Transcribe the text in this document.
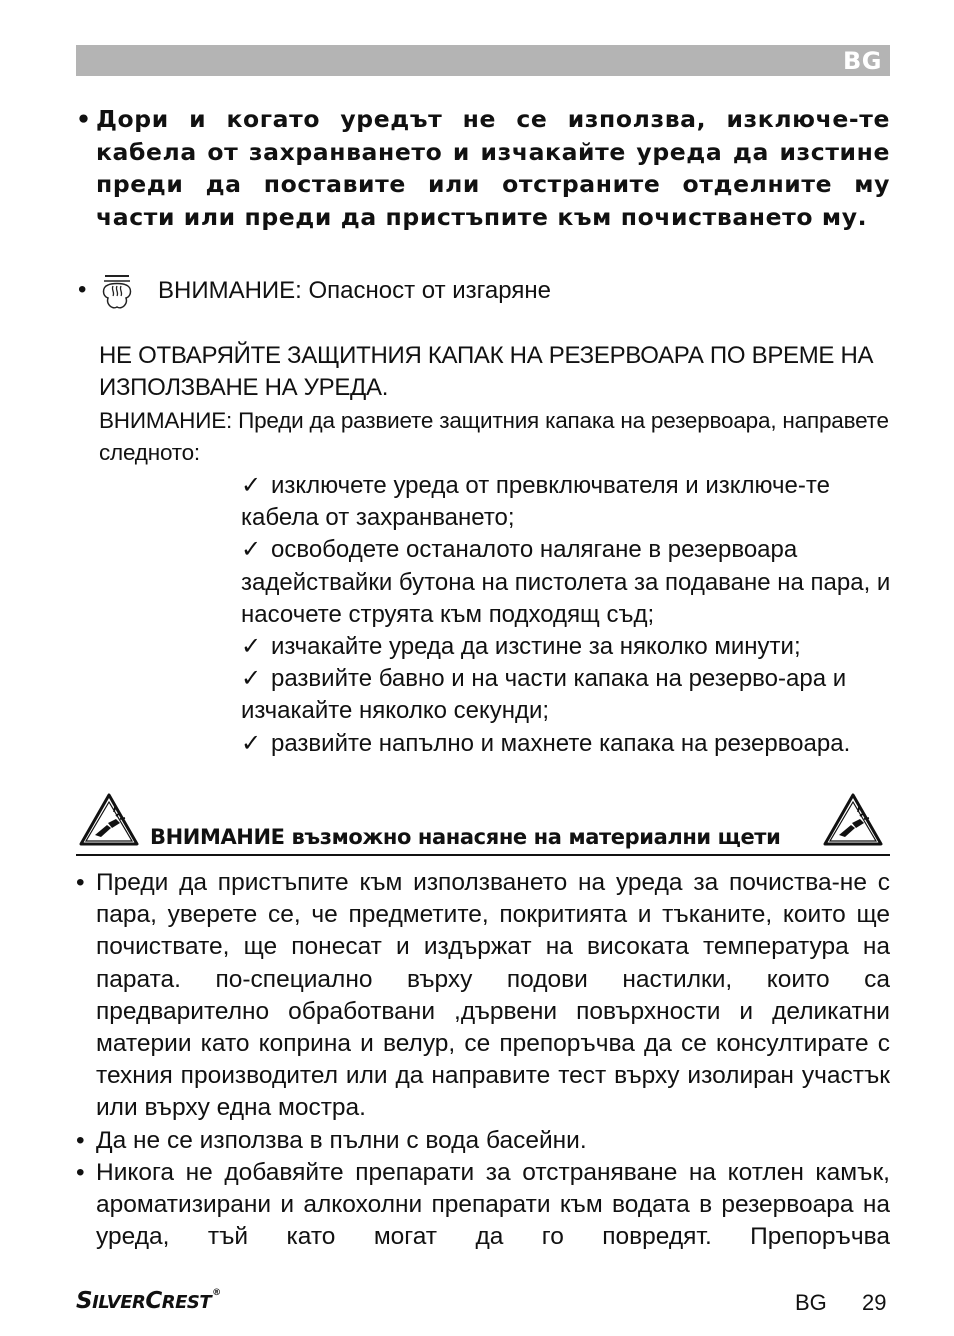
BG
• Дори и когато уредът не се използва, изключе-те кабела от захранването и изчакайте уреда да изстине преди да поставите или отстраните отделните му части или преди да пристъпите към почистването му.
•	ВНИМАНИЕ: Опасност от изгаряне
НЕ ОТВАРЯЙТЕ ЗАЩИТНИЯ КАПАК НА РЕЗЕРВОАРА ПО ВРЕМЕ НА ИЗПОЛЗВАНЕ НА УРЕДА.
ВНИМАНИЕ: Преди да развиете защитния капака на резервоара, направете следното:

✓ изключете уреда от превключвателя и изключе-те кабела от захранването;

✓ освободете останалото налягане в резервоара задействайки бутона на пистолета за подаване на пара, и насочете струята към подходящ съд;

✓ изчакайте уреда да изстине за няколко минути;

✓ развийте бавно и на части капака на резерво-ара и изчакайте няколко секунди;

✓ развийте напълно и махнете капака на резервоара.

ВНИМАНИЕ възможно нанасяне на материални щети
• Преди да пристъпите към използването на уреда за почиства-не с пара, уверете се, че предметите, покритията и тъканите, които ще почиствате, ще понесат и издържат на високата температура на парата. по-специално върху подови настилки, които са предварително обработвани ,дървени повърхности и деликатни материи като коприна и велур, се препоръчва да се консултирате с техния производител или да направите тест върху изолиран участък или върху една мостра.
• Да не се използва в пълни с вода басейни.
• Никога не добавяйте препарати за отстраняване на котлен камък, ароматизирани и алкохолни препарати към водата в резервоара на уреда, тъй като могат да го повредят. Препоръчва
SILVERCREST®	BG 29
